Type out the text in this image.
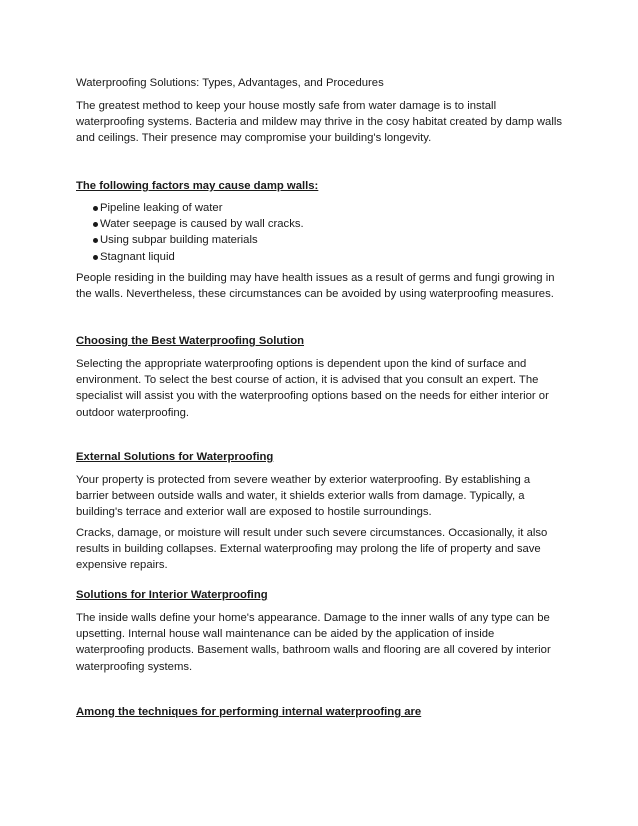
Waterproofing Solutions: Types, Advantages, and Procedures

The greatest method to keep your house mostly safe from water damage is to install waterproofing systems. Bacteria and mildew may thrive in the cosy habitat created by damp walls and ceilings. Their presence may compromise your building's longevity.

The following factors may cause damp walls:

Pipeline leaking of water
Water seepage is caused by wall cracks.
Using subpar building materials
Stagnant liquid

People residing in the building may have health issues as a result of germs and fungi growing in the walls. Nevertheless, these circumstances can be avoided by using waterproofing measures.

Choosing the Best Waterproofing Solution

Selecting the appropriate waterproofing options is dependent upon the kind of surface and environment. To select the best course of action, it is advised that you consult an expert. The specialist will assist you with the waterproofing options based on the needs for either interior or outdoor waterproofing.

External Solutions for Waterproofing

Your property is protected from severe weather by exterior waterproofing. By establishing a barrier between outside walls and water, it shields exterior walls from damage. Typically, a building's terrace and exterior wall are exposed to hostile surroundings.

Cracks, damage, or moisture will result under such severe circumstances. Occasionally, it also results in building collapses. External waterproofing may prolong the life of property and save expensive repairs.

Solutions for Interior Waterproofing

The inside walls define your home's appearance. Damage to the inner walls of any type can be upsetting. Internal house wall maintenance can be aided by the application of inside waterproofing products. Basement walls, bathroom walls and flooring are all covered by interior waterproofing systems.

Among the techniques for performing internal waterproofing are
